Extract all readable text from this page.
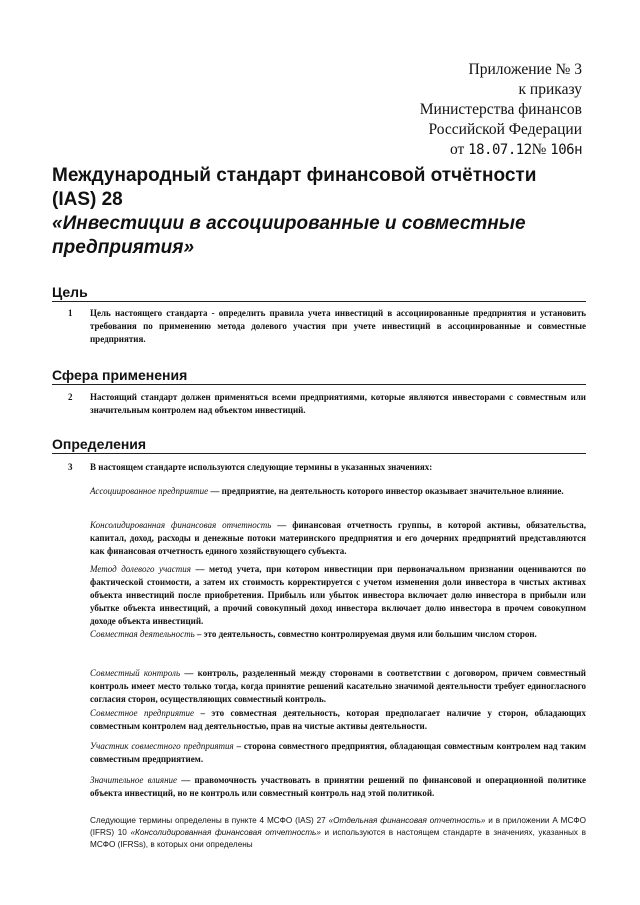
Приложение № 3
к приказу
Министерства финансов
Российской Федерации
от 18.07.12№ 106н
Международный стандарт финансовой отчётности
(IAS) 28
«Инвестиции в ассоциированные и совместные предприятия»
Цель
1 Цель настоящего стандарта - определить правила учета инвестиций в ассоциированные предприятия и установить требования по применению метода долевого участия при учете инвестиций в ассоциированные и совместные предприятия.
Сфера применения
2 Настоящий стандарт должен применяться всеми предприятиями, которые являются инвесторами с совместным или значительным контролем над объектом инвестиций.
Определения
3 В настоящем стандарте используются следующие термины в указанных значениях:
Ассоциированное предприятие — предприятие, на деятельность которого инвестор оказывает значительное влияние.
Консолидированная финансовая отчетность — финансовая отчетность группы, в которой активы, обязательства, капитал, доход, расходы и денежные потоки материнского предприятия и его дочерних предприятий представляются как финансовая отчетность единого хозяйствующего субъекта.
Метод долевого участия — метод учета, при котором инвестиции при первоначальном признании оцениваются по фактической стоимости, а затем их стоимость корректируется с учетом изменения доли инвестора в чистых активах объекта инвестиций после приобретения. Прибыль или убыток инвестора включает долю инвестора в прибыли или убытке объекта инвестиций, а прочий совокупный доход инвестора включает долю инвестора в прочем совокупном доходе объекта инвестиций.
Совместная деятельность – это деятельность, совместно контролируемая двумя или большим числом сторон.
Совместный контроль — контроль, разделенный между сторонами в соответствии с договором, причем совместный контроль имеет место только тогда, когда принятие решений касательно значимой деятельности требует единогласного согласия сторон, осуществляющих совместный контроль.
Совместное предприятие – это совместная деятельность, которая предполагает наличие у сторон, обладающих совместным контролем над деятельностью, прав на чистые активы деятельности.
Участник совместного предприятия – сторона совместного предприятия, обладающая совместным контролем над таким совместным предприятием.
Значительное влияние — правомочность участвовать в принятии решений по финансовой и операционной политике объекта инвестиций, но не контроль или совместный контроль над этой политикой.
Следующие термины определены в пункте 4 МСФО (IAS) 27 «Отдельная финансовая отчетность» и в приложении А МСФО (IFRS) 10 «Консолидированная финансовая отчетность» и используются в настоящем стандарте в значениях, указанных в МСФО (IFRSs), в которых они определены
